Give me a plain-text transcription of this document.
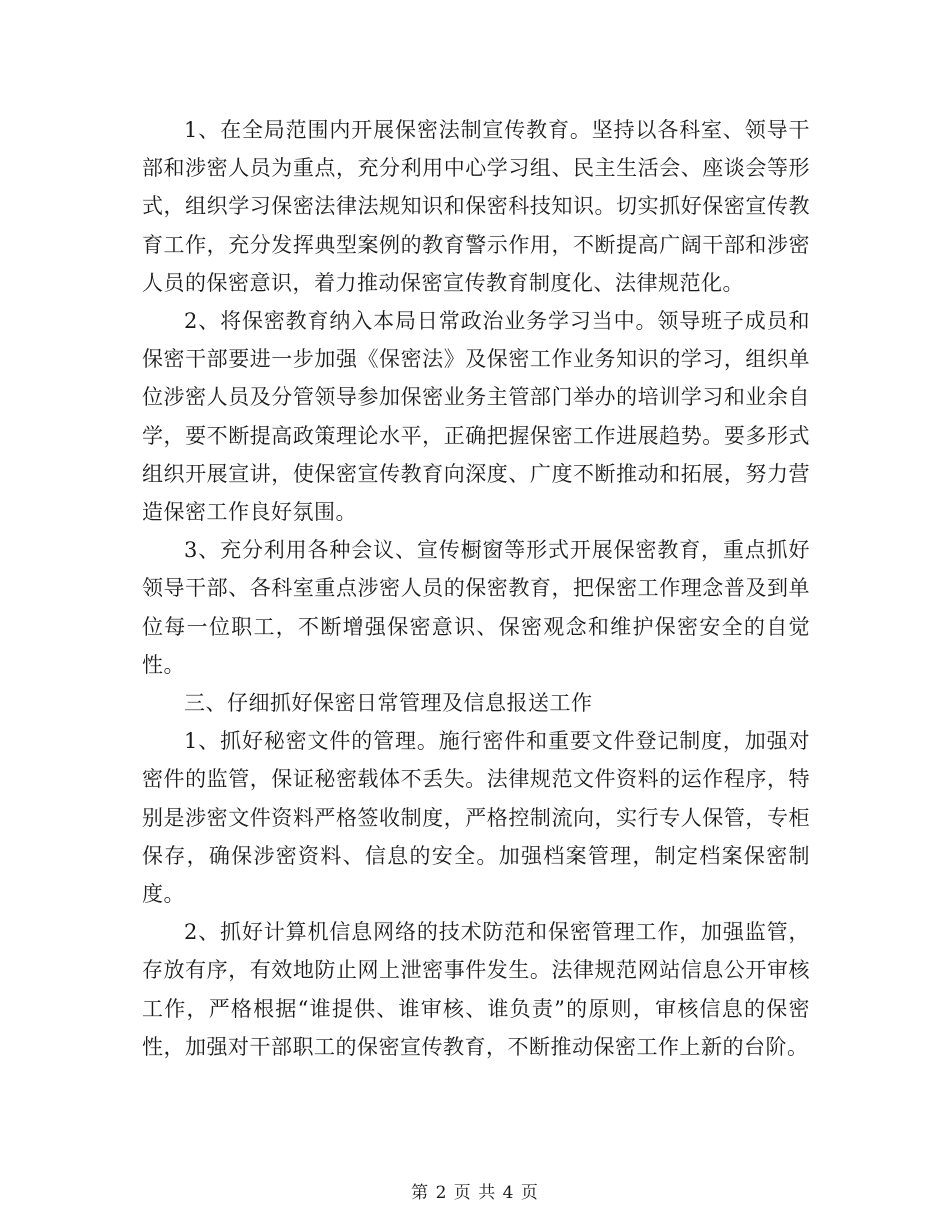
1、在全局范围内开展保密法制宣传教育。坚持以各科室、领导干部和涉密人员为重点，充分利用中心学习组、民主生活会、座谈会等形式，组织学习保密法律法规知识和保密科技知识。切实抓好保密宣传教育工作，充分发挥典型案例的教育警示作用，不断提高广阔干部和涉密人员的保密意识，着力推动保密宣传教育制度化、法律规范化。

2、将保密教育纳入本局日常政治业务学习当中。领导班子成员和保密干部要进一步加强《保密法》及保密工作业务知识的学习，组织单位涉密人员及分管领导参加保密业务主管部门举办的培训学习和业余自学，要不断提高政策理论水平，正确把握保密工作进展趋势。要多形式组织开展宣讲，使保密宣传教育向深度、广度不断推动和拓展，努力营造保密工作良好氛围。

3、充分利用各种会议、宣传橱窗等形式开展保密教育，重点抓好领导干部、各科室重点涉密人员的保密教育，把保密工作理念普及到单位每一位职工，不断增强保密意识、保密观念和维护保密安全的自觉性。

三、仔细抓好保密日常管理及信息报送工作

1、抓好秘密文件的管理。施行密件和重要文件登记制度，加强对密件的监管，保证秘密载体不丢失。法律规范文件资料的运作程序，特别是涉密文件资料严格签收制度，严格控制流向，实行专人保管，专柜保存，确保涉密资料、信息的安全。加强档案管理，制定档案保密制度。

2、抓好计算机信息网络的技术防范和保密管理工作，加强监管，存放有序，有效地防止网上泄密事件发生。法律规范网站信息公开审核工作，严格根据“谁提供、谁审核、谁负责”的原则，审核信息的保密性，加强对干部职工的保密宣传教育，不断推动保密工作上新的台阶。

第 2 页 共 4 页
